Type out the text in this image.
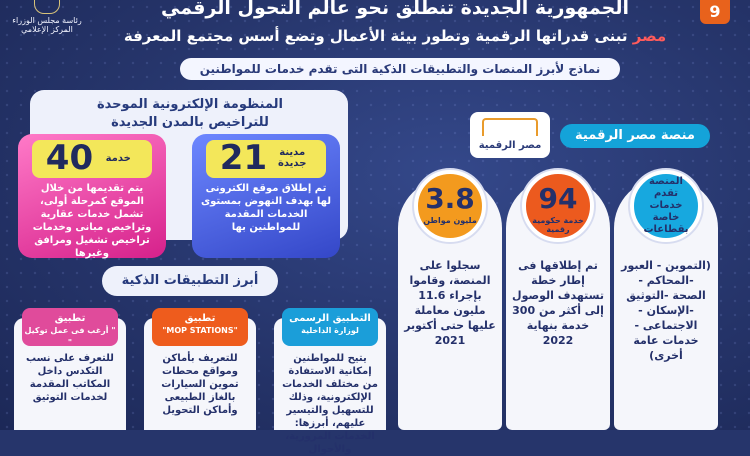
رئاسة مجلس الوزراء
المركز الإعلامي
9
الجمهورية الجديدة تنطلق نحو عالم التحول الرقمي
مصر تبنى قدراتها الرقمية وتطور بيئة الأعمال وتضع أسس مجتمع المعرفة
نماذج لأبرز المنصات والتطبيقات الذكية التى تقدم خدمات للمواطنين
المنظومة الإلكترونية الموحدة
للتراخيص بالمدن الجديدة
مدينة جديدة 21
تم إطلاق موقع الكترونى لها بهدف النهوض بمستوى الخدمات المقدمة للمواطنين بها
خدمة 40
يتم تقديمها من خلال الموقع كمرحلة أولى، تشمل خدمات عقارية وتراخيص مبانى وخدمات تراخيص تشغيل ومرافق وغيرها
مصر الرقمية
منصة مصر الرقمية
المنصة تقدم خدمات خاصة بقطاعات
(التموين - العبور -المحاكم - الصحة -التوثيق -الإسكان - الاجتماعى - خدمات عامة أخرى)
94
خدمة حكومية رقمية
تم إطلاقها فى إطار خطة تستهدف الوصول إلى أكثر من 300 خدمة بنهاية 2022
3.8
مليون مواطن
سجلوا على المنصة، وقاموا بإجراء 11.6 مليون معاملة عليها حتى أكتوبر 2021
أبرز التطبيقات الذكية
التطبيق الرسمى
لوزارة الداخلية
يتيح للمواطنين إمكانية الاستفادة من مختلف الخدمات الإلكترونية، وذلك للتسهيل والتيسير عليهم، أبرزها: الخدمات المرورية، والأحوال
تطبيق
"MOP STATIONS"
للتعريف بأماكن ومواقع محطات تموين السيارات بالغاز الطبيعى وأماكن التحويل
تطبيق
" أرغب فى عمل توكيل "
للتعرف على نسب التكدس داخل المكاتب المقدمة لخدمات التوثيق
